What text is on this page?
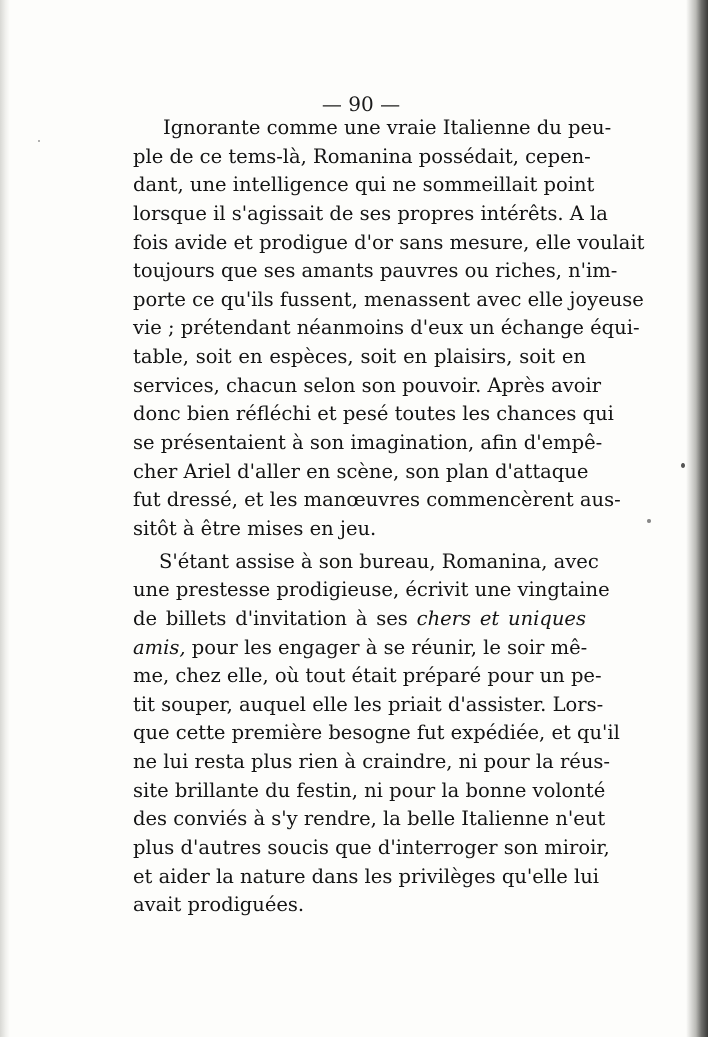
— 90 —
Ignorante comme une vraie Italienne du peu-
ple de ce tems-là, Romanina possédait, cepen-
dant, une intelligence qui ne sommeillait point
lorsque il s'agissait de ses propres intérêts. A la
fois avide et prodigue d'or sans mesure, elle voulait
toujours que ses amants pauvres ou riches, n'im-
porte ce qu'ils fussent, menassent avec elle joyeuse
vie ; prétendant néanmoins d'eux un échange équi-
table, soit en espèces, soit en plaisirs, soit en
services, chacun selon son pouvoir. Après avoir
donc bien réfléchi et pesé toutes les chances qui
se présentaient à son imagination, afin d'empê-
cher Ariel d'aller en scène, son plan d'attaque
fut dressé, et les manœuvres commencèrent aus-
sitôt à être mises en jeu.
S'étant assise à son bureau, Romanina, avec
une prestesse prodigieuse, écrivit une vingtaine
de billets d'invitation à ses chers et uniques
amis, pour les engager à se réunir, le soir mê-
me, chez elle, où tout était préparé pour un pe-
tit souper, auquel elle les priait d'assister. Lors-
que cette première besogne fut expédiée, et qu'il
ne lui resta plus rien à craindre, ni pour la réus-
site brillante du festin, ni pour la bonne volonté
des conviés à s'y rendre, la belle Italienne n'eut
plus d'autres soucis que d'interroger son miroir,
et aider la nature dans les privilèges qu'elle lui
avait prodiguées.
